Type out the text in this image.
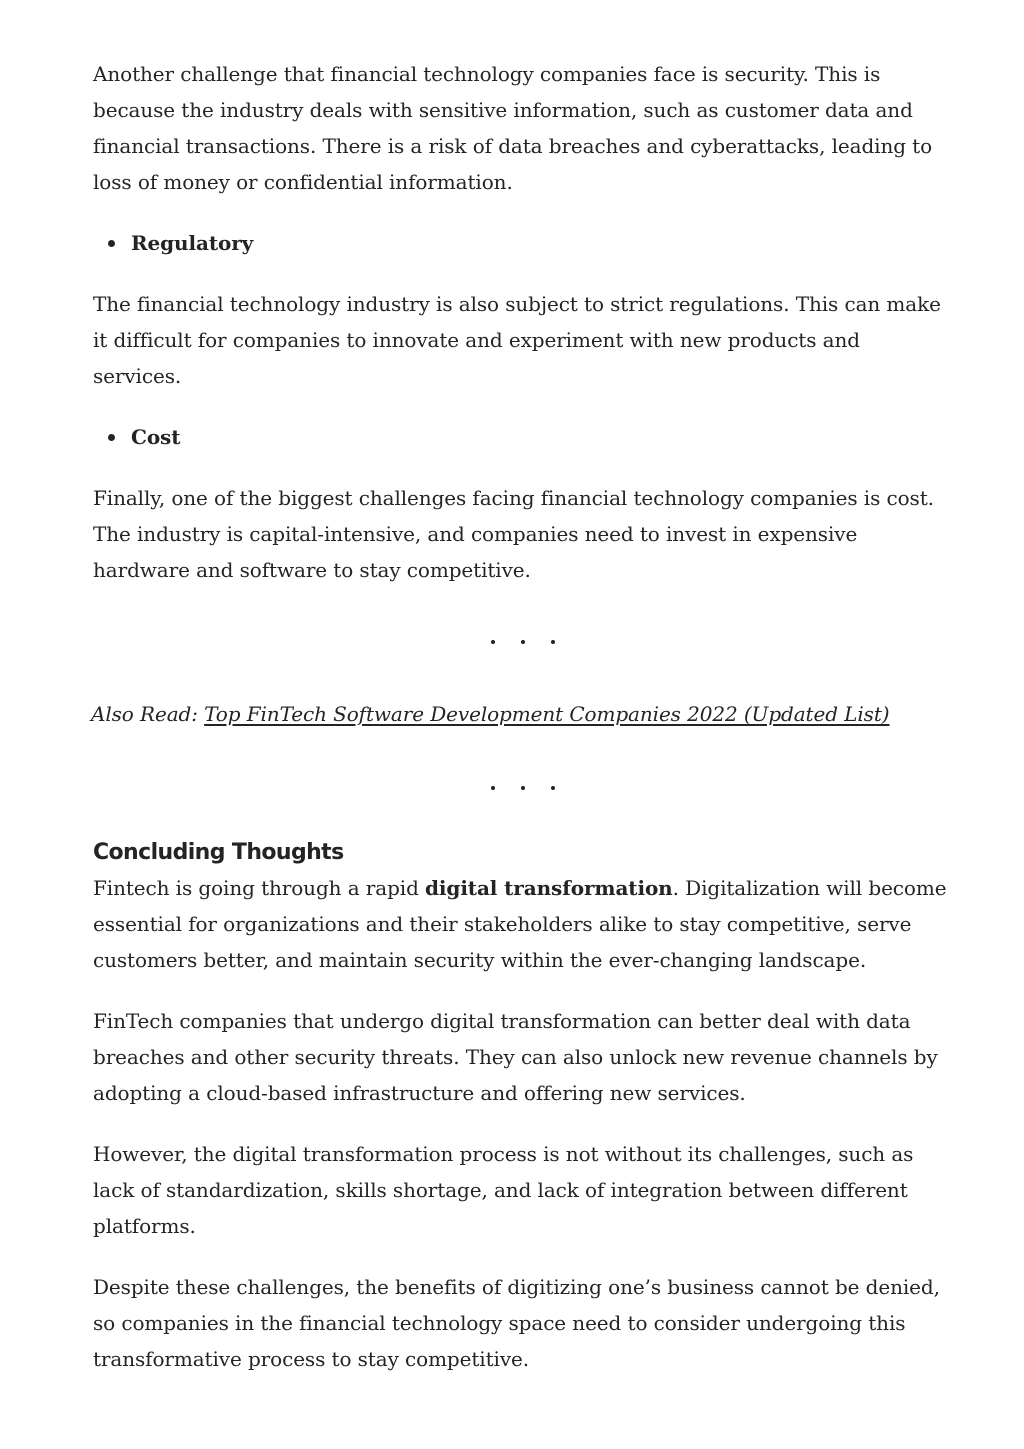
Another challenge that financial technology companies face is security. This is because the industry deals with sensitive information, such as customer data and financial transactions. There is a risk of data breaches and cyberattacks, leading to loss of money or confidential information.

Regulatory

The financial technology industry is also subject to strict regulations. This can make it difficult for companies to innovate and experiment with new products and services.

Cost

Finally, one of the biggest challenges facing financial technology companies is cost. The industry is capital-intensive, and companies need to invest in expensive hardware and software to stay competitive.

Also Read: Top FinTech Software Development Companies 2022 (Updated List)

Concluding Thoughts

Fintech is going through a rapid digital transformation. Digitalization will become essential for organizations and their stakeholders alike to stay competitive, serve customers better, and maintain security within the ever-changing landscape.

FinTech companies that undergo digital transformation can better deal with data breaches and other security threats. They can also unlock new revenue channels by adopting a cloud-based infrastructure and offering new services.

However, the digital transformation process is not without its challenges, such as lack of standardization, skills shortage, and lack of integration between different platforms.

Despite these challenges, the benefits of digitizing one’s business cannot be denied, so companies in the financial technology space need to consider undergoing this transformative process to stay competitive.
